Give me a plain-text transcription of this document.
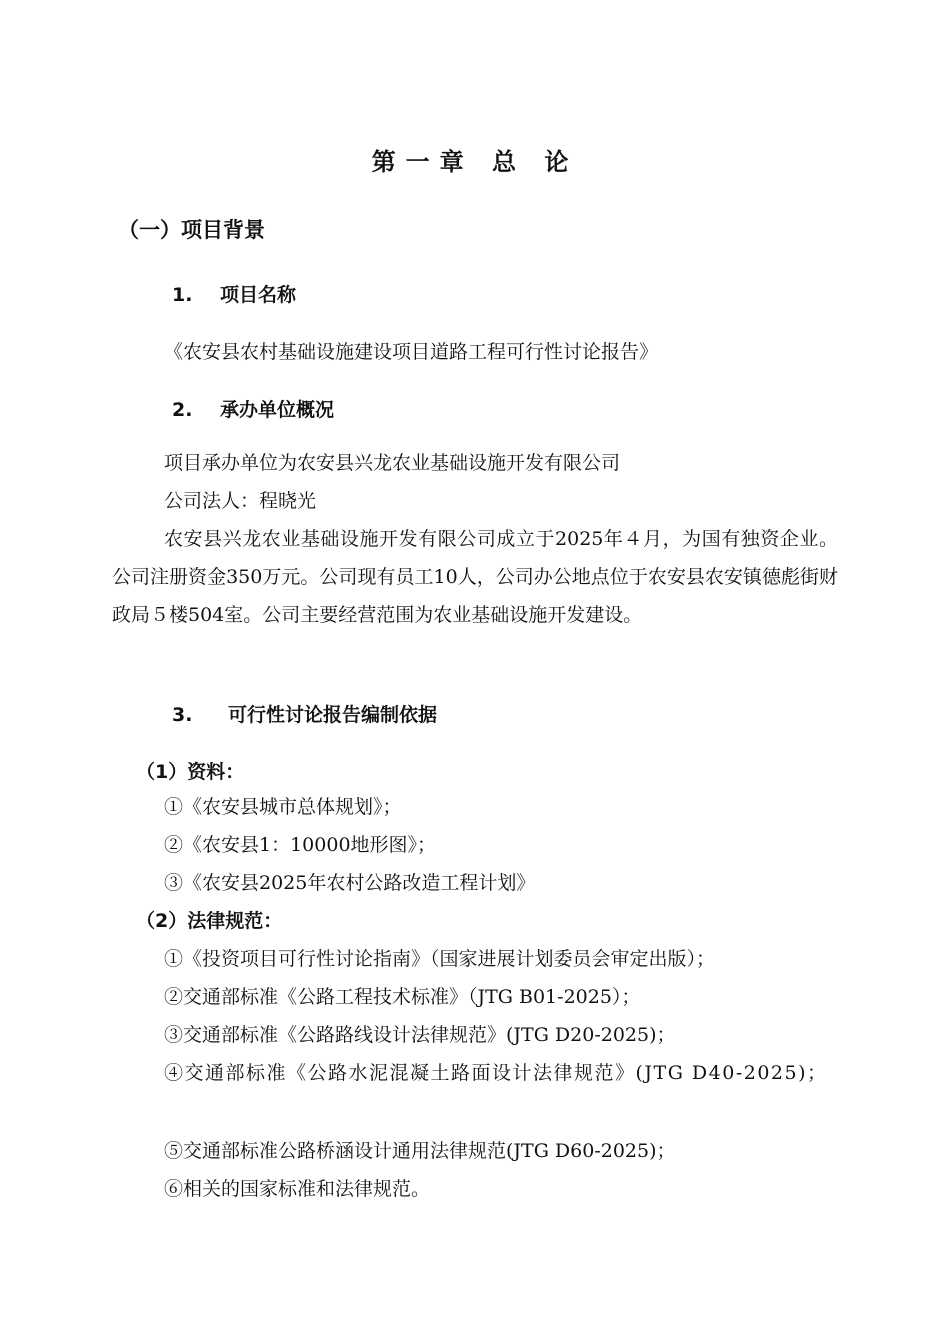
第一章 总 论
（一）项目背景
1. 项目名称
《农安县农村基础设施建设项目道路工程可行性讨论报告》
2. 承办单位概况
项目承办单位为农安县兴龙农业基础设施开发有限公司
公司法人：程晓光
农安县兴龙农业基础设施开发有限公司成立于2025年４月，为国有独资企业。公司注册资金350万元。公司现有员工10人，公司办公地点位于农安县农安镇德彪街财政局５楼504室。公司主要经营范围为农业基础设施开发建设。
3. 可行性讨论报告编制依据
（1）资料：
①《农安县城市总体规划》；
②《农安县1：10000地形图》；
③《农安县2025年农村公路改造工程计划》
（2）法律规范：
①《投资项目可行性讨论指南》（国家进展计划委员会审定出版）；
②交通部标准《公路工程技术标准》（JTG B01-2025）；
③交通部标准《公路路线设计法律规范》(JTG D20-2025)；
④交通部标准《公路水泥混凝土路面设计法律规范》(JTG D40-2025)；
⑤交通部标准公路桥涵设计通用法律规范(JTG D60-2025)；
⑥相关的国家标准和法律规范。
